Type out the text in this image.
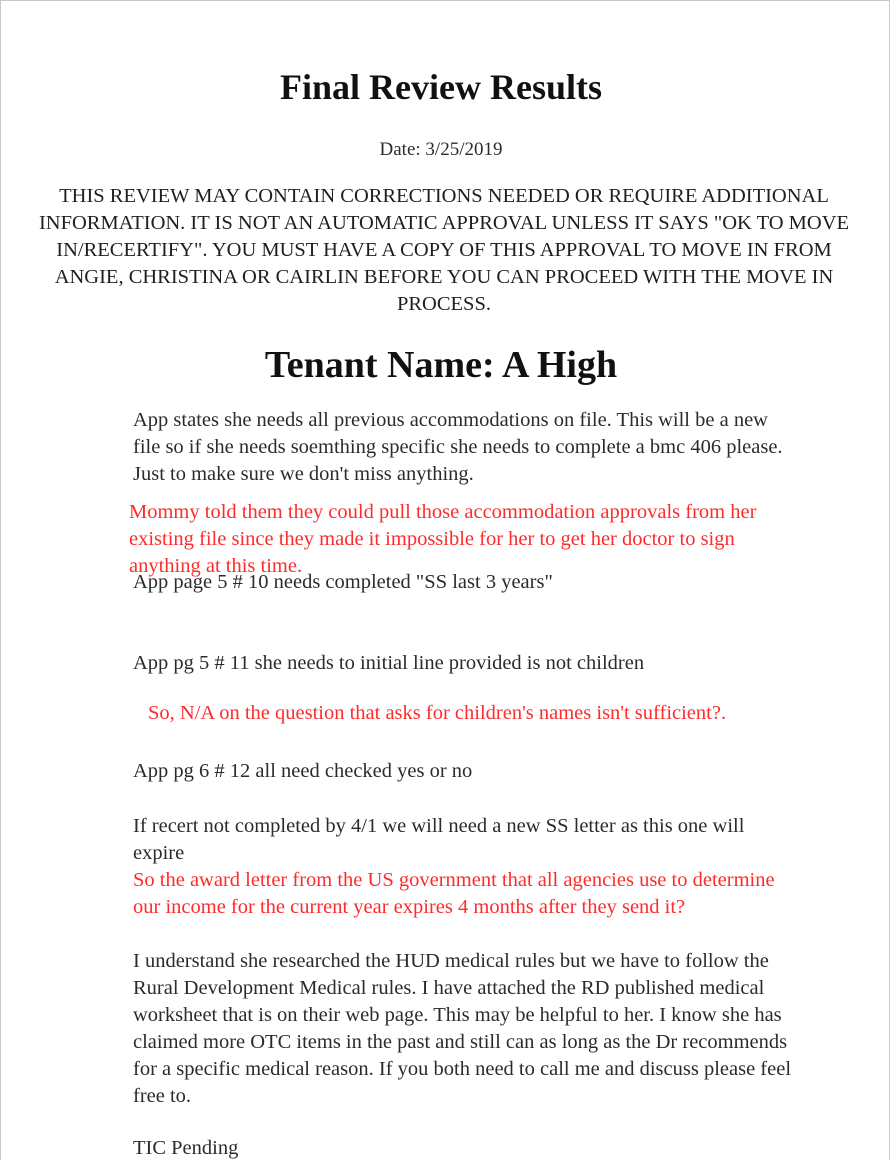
Final Review Results

Date: 3/25/2019

THIS REVIEW MAY CONTAIN CORRECTIONS NEEDED OR REQUIRE ADDITIONAL INFORMATION. IT IS NOT AN AUTOMATIC APPROVAL UNLESS IT SAYS "OK TO MOVE IN/RECERTIFY". YOU MUST HAVE A COPY OF THIS APPROVAL TO MOVE IN FROM ANGIE, CHRISTINA OR CAIRLIN BEFORE YOU CAN PROCEED WITH THE MOVE IN PROCESS.

Tenant Name: A High

App states she needs all previous accommodations on file. This will be a new file so if she needs soemthing specific she needs to complete a bmc 406 please. Just to make sure we don't miss anything.

Mommy told them they could pull those accommodation approvals from her existing file since they made it impossible for her to get her doctor to sign anything at this time.

App page 5 # 10 needs completed "SS last 3 years"

App pg 5 # 11 she needs to initial line provided is not children

So, N/A on the question that asks for children's names isn't sufficient?.

App pg 6 # 12 all need checked yes or no

If recert not completed by 4/1 we will need a new SS letter as this one will expire

So the award letter from the US government that all agencies use to determine our income for the current year expires 4 months after they send it?

I understand she researched the HUD medical rules but we have to follow the Rural Development Medical rules. I have attached the RD published medical worksheet that is on their web page. This may be helpful to her. I know she has claimed more OTC items in the past and still can as long as the Dr recommends for a specific medical reason. If you both need to call me and discuss please feel free to.

TIC Pending
